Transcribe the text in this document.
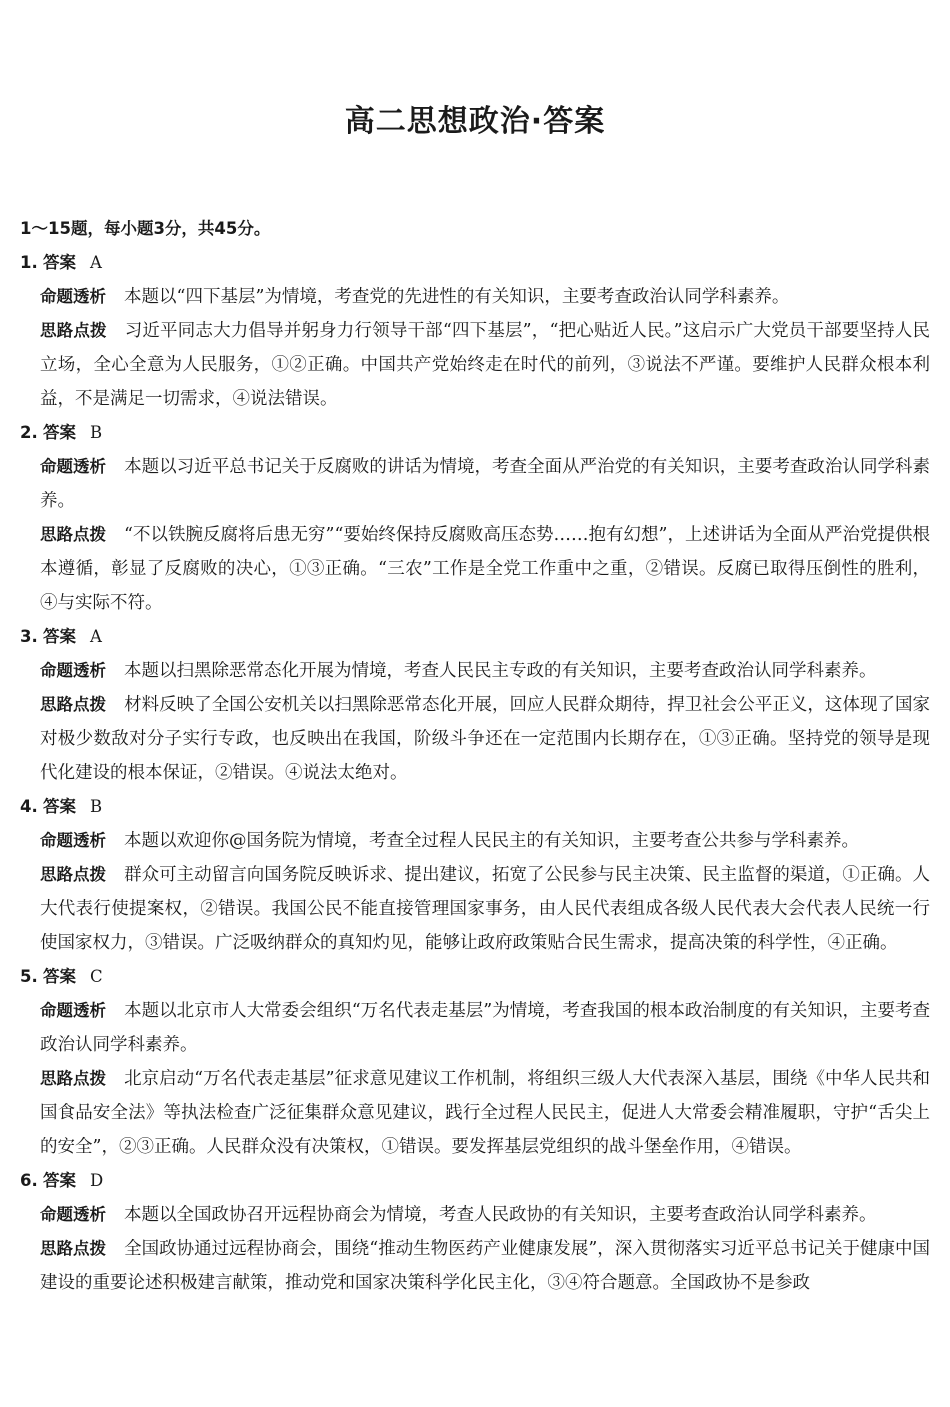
高二思想政治·答案
1～15题，每小题3分，共45分。
1. 答案 A
命题透析 本题以“四下基层”为情境，考查党的先进性的有关知识，主要考查政治认同学科素养。
思路点拨 习近平同志大力倡导并躬身力行领导干部“四下基层”，“把心贴近人民。”这启示广大党员干部要坚持人民立场，全心全意为人民服务，①②正确。中国共产党始终走在时代的前列，③说法不严谨。要维护人民群众根本利益，不是满足一切需求，④说法错误。
2. 答案 B
命题透析 本题以习近平总书记关于反腐败的讲话为情境，考查全面从严治党的有关知识，主要考查政治认同学科素养。
思路点拨 “不以铁腕反腐将后患无穷”“要始终保持反腐败高压态势……抱有幻想”，上述讲话为全面从严治党提供根本遵循，彰显了反腐败的决心，①③正确。“三农”工作是全党工作重中之重，②错误。反腐已取得压倒性的胜利，④与实际不符。
3. 答案 A
命题透析 本题以扫黑除恶常态化开展为情境，考查人民民主专政的有关知识，主要考查政治认同学科素养。
思路点拨 材料反映了全国公安机关以扫黑除恶常态化开展，回应人民群众期待，捍卫社会公平正义，这体现了国家对极少数敌对分子实行专政，也反映出在我国，阶级斗争还在一定范围内长期存在，①③正确。坚持党的领导是现代化建设的根本保证，②错误。④说法太绝对。
4. 答案 B
命题透析 本题以欢迎你@国务院为情境，考查全过程人民民主的有关知识，主要考查公共参与学科素养。
思路点拨 群众可主动留言向国务院反映诉求、提出建议，拓宽了公民参与民主决策、民主监督的渠道，①正确。人大代表行使提案权，②错误。我国公民不能直接管理国家事务，由人民代表组成各级人民代表大会代表人民统一行使国家权力，③错误。广泛吸纳群众的真知灼见，能够让政府政策贴合民生需求，提高决策的科学性，④正确。
5. 答案 C
命题透析 本题以北京市人大常委会组织“万名代表走基层”为情境，考查我国的根本政治制度的有关知识，主要考查政治认同学科素养。
思路点拨 北京启动“万名代表走基层”征求意见建议工作机制，将组织三级人大代表深入基层，围绕《中华人民共和国食品安全法》等执法检查广泛征集群众意见建议，践行全过程人民民主，促进人大常委会精准履职，守护“舌尖上的安全”，②③正确。人民群众没有决策权，①错误。要发挥基层党组织的战斗堡垒作用，④错误。
6. 答案 D
命题透析 本题以全国政协召开远程协商会为情境，考查人民政协的有关知识，主要考查政治认同学科素养。
思路点拨 全国政协通过远程协商会，围绕“推动生物医药产业健康发展”，深入贯彻落实习近平总书记关于健康中国建设的重要论述积极建言献策，推动党和国家决策科学化民主化，③④符合题意。全国政协不是参政
